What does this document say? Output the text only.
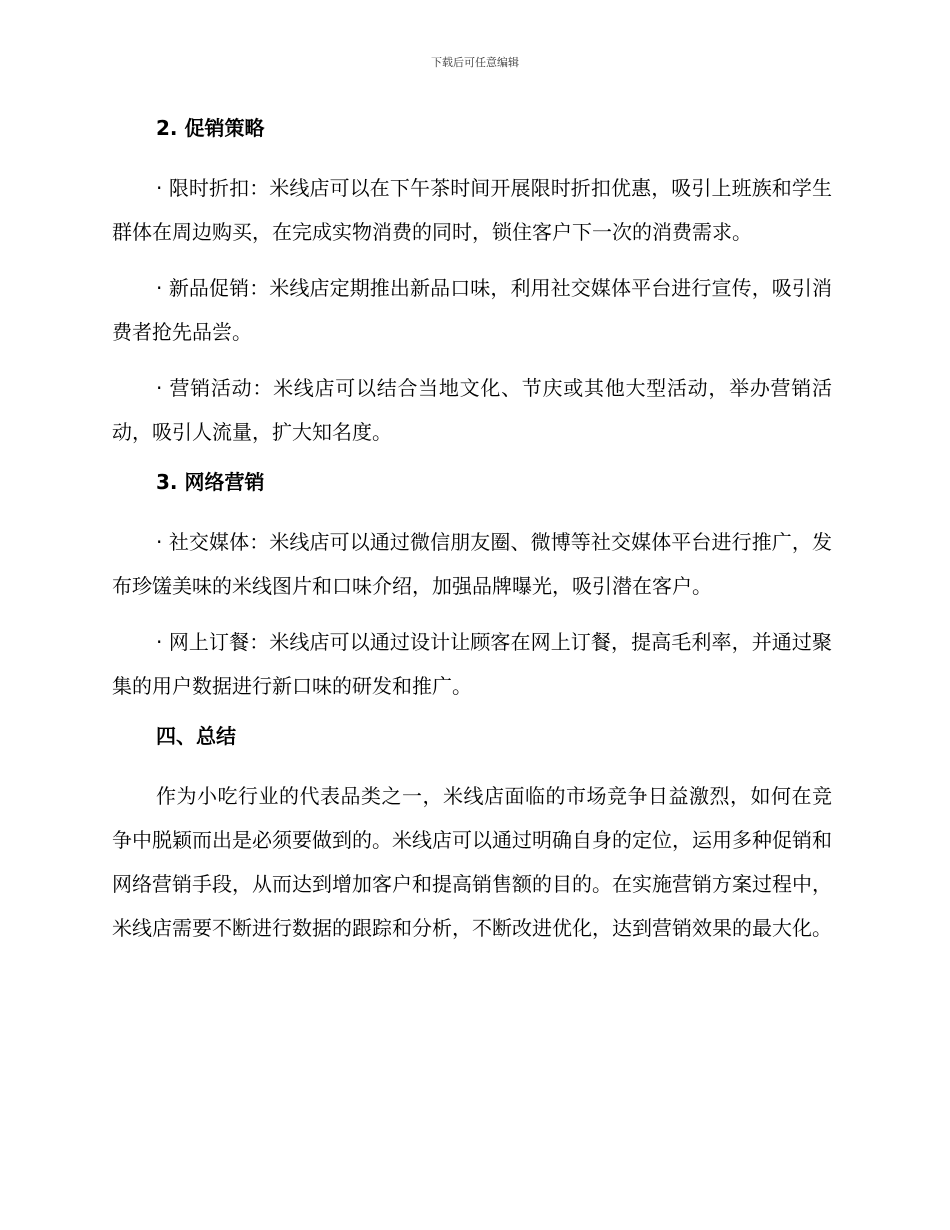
下载后可任意编辑
2. 促销策略

· 限时折扣：米线店可以在下午茶时间开展限时折扣优惠，吸引上班族和学生群体在周边购买，在完成实物消费的同时，锁住客户下一次的消费需求。

· 新品促销：米线店定期推出新品口味，利用社交媒体平台进行宣传，吸引消费者抢先品尝。

· 营销活动：米线店可以结合当地文化、节庆或其他大型活动，举办营销活动，吸引人流量，扩大知名度。

3. 网络营销

· 社交媒体：米线店可以通过微信朋友圈、微博等社交媒体平台进行推广，发布珍馐美味的米线图片和口味介绍，加强品牌曝光，吸引潜在客户。

· 网上订餐：米线店可以通过设计让顾客在网上订餐，提高毛利率，并通过聚集的用户数据进行新口味的研发和推广。

四、总结

作为小吃行业的代表品类之一，米线店面临的市场竞争日益激烈，如何在竞争中脱颖而出是必须要做到的。米线店可以通过明确自身的定位，运用多种促销和网络营销手段，从而达到增加客户和提高销售额的目的。在实施营销方案过程中，米线店需要不断进行数据的跟踪和分析，不断改进优化，达到营销效果的最大化。
